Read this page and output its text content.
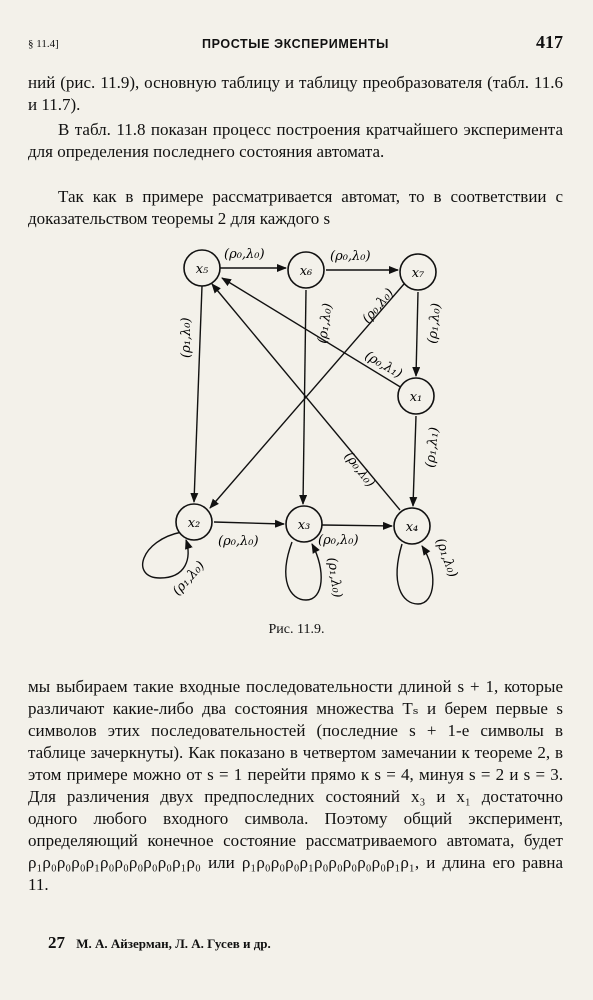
§ 11.4]	ПРОСТЫЕ ЭКСПЕРИМЕНТЫ	417

ний (рис. 11.9), основную таблицу и таблицу преобразователя (табл. 11.6 и 11.7).

В табл. 11.8 показан процесс построения кратчайшего эксперимента для определения последнего состояния автомата.

Так как в примере рассматривается автомат, то в соответствии с доказательством теоремы 2 для каждого s

x₅	x₆	x₇
x₁
x₂	x₃	x₄
(ρ₀,λ₀)	(ρ₀,λ₀)
(ρ₁,λ₀)	(ρ₁,λ₀) (ρ₀,λ₀) (ρ₁,λ₀)
(ρ₀,λ₁)
(ρ₁,λ₁)
(ρ₀,λ₀)
(ρ₀,λ₀)	(ρ₀,λ₀)
(ρ₁,λ₀)	(ρ₁,λ₀)	(ρ₁,λ₀)
Рис. 11.9.

мы выбираем такие входные последовательности длиной s + 1, которые различают какие-либо два состояния множества Tₛ и берем первые s символов этих последовательностей (последние s + 1-е символы в таблице зачеркнуты). Как показано в четвертом замечании к теореме 2, в этом примере можно от s = 1 перейти прямо к s = 4, минуя s = 2 и s = 3. Для различения двух предпоследних состояний x₃ и x₁ достаточно одного любого входного символа. Поэтому общий эксперимент, определяющий конечное состояние рассматриваемого автомата, будет ρ₁ρ₀ρ₀ρ₀ρ₁ρ₀ρ₀ρ₀ρ₀ρ₀ρ₁ρ₀ или ρ₁ρ₀ρ₀ρ₀ρ₁ρ₀ρ₀ρ₀ρ₀ρ₀ρ₁ρ₁, и длина его равна 11.

27 М. А. Айзерман, Л. А. Гусев и др.
